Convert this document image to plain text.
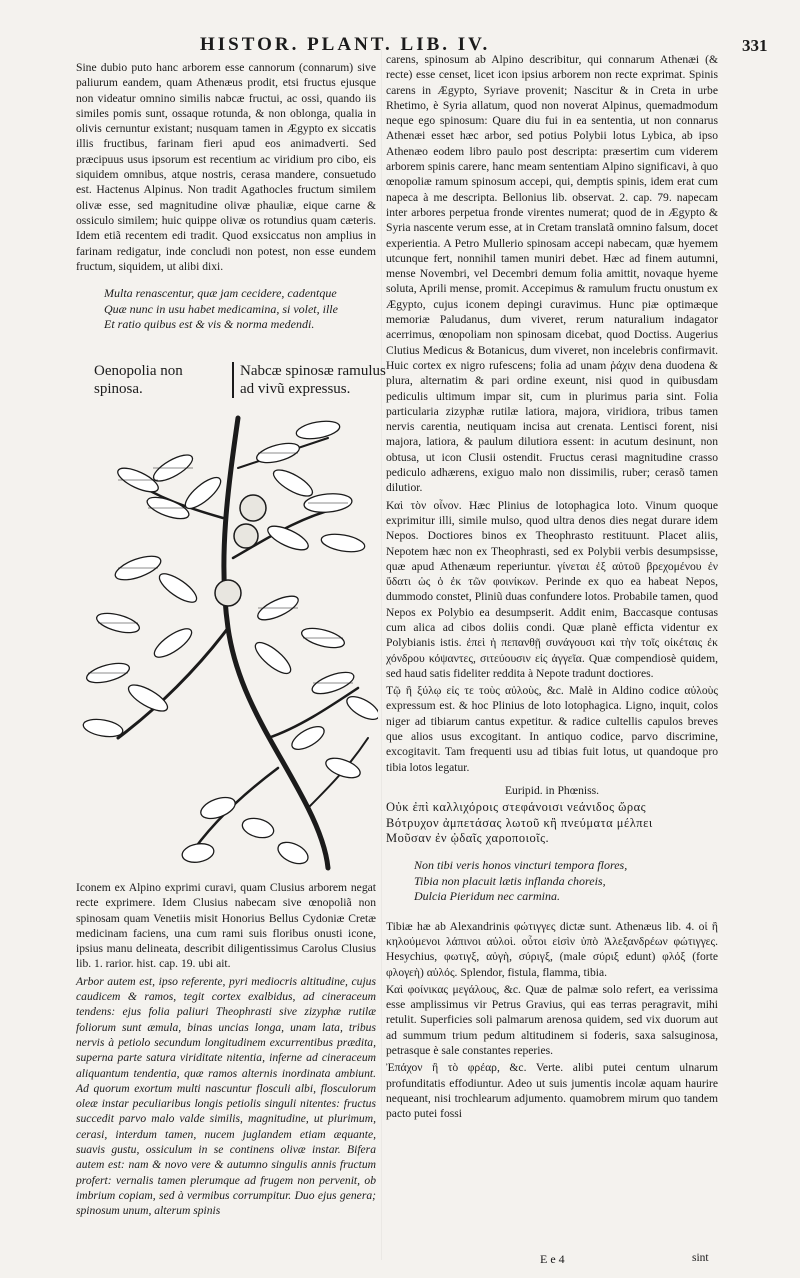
HISTOR. PLANT. LIB. IV.	331

Sine dubio puto hanc arborem esse cannorum (connarum) sive paliurum eandem, quam Athenæus prodit, etsi fructus ejusque non videatur omnino similis nabcæ fructui, ac ossi, quando iis similes pomis sunt, ossaque rotunda, & non oblonga, qualia in olivis cernuntur existant; nusquam tamen in Ægypto ex siccatis illis fructibus, farinam fieri apud eos animadverti. Sed præcipuus usus ipsorum est recentium ac viridium pro cibo, eis siquidem omnibus, atque nostris, cerasa mandere, consuetudo est. Hactenus Alpinus. Non tradit Agathocles fructum similem olivæ esse, sed magnitudine olivæ phauliæ, eique carne & ossiculo similem; huic quippe olivæ os rotundius quam cæteris. Idem etiã recentem edi tradit. Quod exsiccatus non amplius in farinam redigatur, inde concludi non potest, non esse eundem fructum, siquidem, ut alibi dixi.

Multa renascentur, quæ jam cecidere, cadentque
Quæ nunc in usu habet medicamina, si volet, ille
Et ratio quibus est & vis & norma medendi.
Oenopolia non spinosa.
Nabcæ spinosæ ramulus ad vivũ expressus.

Iconem ex Alpino exprimi curavi, quam Clusius arborem negat recte exprimere. Idem Clusius nabecam sive œnopoliã non spinosam quam Venetiis misit Honorius Bellus Cydoniæ Cretæ medicinam faciens, una cum rami suis floribus onusti icone, ipsius manu delineata, describit diligentissimus Carolus Clusius lib. 1. rarior. hist. cap. 19. ubi ait.

Arbor autem est, ipso referente, pyri mediocris altitudine, cujus caudicem & ramos, tegit cortex exalbidus, ad cineraceum tendens: ejus folia paliuri Theophrasti sive zizyphæ rutilæ foliorum sunt æmula, binas uncias longa, unam lata, tribus nervis à petiolo secundum longitudinem excurrentibus prædita, superna parte satura viriditate nitentia, inferne ad cineraceum aliquantum tendentia, quæ ramos alternis inordinata ambiunt. Ad quorum exortum multi nascuntur flosculi albi, flosculorum oleæ instar peculiaribus longis petiolis singuli nitentes: fructus succedit parvo malo valde similis, magnitudine, ut plurimum, cerasi, interdum tamen, nucem juglandem etiam æquante, suavis gustu, ossiculum in se continens olivæ instar. Bifera autem est: nam & novo vere & autumno singulis annis fructum profert: vernalis tamen plerumque ad frugem non pervenit, ob imbrium copiam, sed à vermibus corrumpitur. Duo ejus genera; spinosum unum, alterum spinis

carens, spinosum ab Alpino describitur, qui connarum Athenæi (& recte) esse censet, licet icon ipsius arborem non recte exprimat. Spinis carens in Ægypto, Syriave provenit; Nascitur & in Creta in urbe Rhetimo, è Syria allatum, quod non noverat Alpinus, quemadmodum neque ego spinosum: Quare diu fui in ea sententia, ut non connarus Athenæi esset hæc arbor, sed potius Polybii lotus Lybica, ab ipso Athenæo eodem libro paulo post descripta: præsertim cum viderem arborem spinis carere, hanc meam sententiam Alpino significavi, à quo œnopoliæ ramum spinosum accepi, qui, demptis spinis, idem erat cum napeca à me descripta. Bellonius lib. observat. 2. cap. 79. napecam inter arbores perpetua fronde virentes numerat; quod de in Ægypto & Syria nascente verum esse, at in Cretam translatã omnino falsum, docet experientia. A Petro Mullerio spinosam accepi nabecam, quæ hyemem utcunque fert, nonnihil tamen muniri debet. Hæc ad finem autumni, mense Novembri, vel Decembri demum folia amittit, novaque hyeme soluta, Aprili mense, promit. Accepimus & ramulum fructu onustum ex Ægypto, cujus iconem depingi curavimus. Hunc piæ optimæque memoriæ Paludanus, dum viveret, rerum naturalium indagator acerrimus, œnopoliam non spinosam dicebat, quod Doctiss. Augerius Clutius Medicus & Botanicus, dum viveret, non incelebris confirmavit. Huic cortex ex nigro rufescens; folia ad unam ῥάχιν dena duodena & plura, alternatim & pari ordine exeunt, nisi quod in quibusdam pediculis ultimum impar sit, cum in plurimus paria sint. Folia particularia zizyphæ rutilæ latiora, majora, viridiora, tribus tamen nervis carentia, neutiquam incisa aut crenata. Lentisci forent, nisi majora, latiora, & paulum dilutiora essent: in acutum desinunt, non obtusa, ut icon Clusii ostendit. Fructus cerasi magnitudine crasso pediculo adhærens, exiguo malo non dissimilis, ruber; cerasõ tamen dilutior.

Καὶ τὸν οἶνον. Hæc Plinius de lotophagica loto. Vinum quoque exprimitur illi, simile mulso, quod ultra denos dies negat durare idem Nepos. Doctiores binos ex Theophrasto restituunt. Placet aliis, Nepotem hæc non ex Theophrasti, sed ex Polybii verbis desumpsisse, quæ apud Athenæum reperiuntur. γίνεται ἐξ αὐτοῦ βρεχομένου ἐν ὕδατι ὡς ὁ ἐκ τῶν φοινίκων. Perinde ex quo ea habeat Nepos, dummodo constet, Pliniũ duas confundere lotos. Probabile tamen, quod Nepos ex Polybio ea desumpserit. Addit enim, Baccasque contusas cum alica ad cibos doliis condi. Quæ planè efficta videntur ex Polybianis istis. ἐπεὶ ἡ πεπανθῇ συνάγουσι καὶ τὴν τοῖς οἰκέταις ἐκ χόνδρου κόψαντες, σιτεύουσιν εἰς ἀγγεῖα. Quæ compendiosè quidem, sed haud satis fideliter reddita à Nepote tradunt doctiores.

Τῷ ἢ ξύλῳ εἰς τε τοὺς αὐλοὺς, &c. Malè in Aldino codice αὐλοὺς expressum est. & hoc Plinius de loto lotophagica. Ligno, inquit, colos niger ad tibiarum cantus expetitur. & radice cultellis capulos breves que alios usus excogitant. In antiquo codice, parvo discrimine, excogitavit. Tam frequenti usu ad tibias fuit lotus, ut quandoque pro tibia lotos legatur.

Euripid. in Phœniss.

Οὐκ ἐπὶ καλλιχόροις στεφάνοισι νεάνιδος ὥρας
Βότρυχον ἀμπετάσας λωτοῦ κἢ πνεύματα μέλπει
Μοῦσαν ἐν ᾠδαῖς χαροποιοῖς.
Non tibi veris honos vincturi tempora flores,
Tibia non placuit lætis inflanda choreis,
Dulcia Pieridum nec carmina.

Tibiæ hæ ab Alexandrinis φώτιγγες dictæ sunt. Athenæus lib. 4. οἱ ἢ κηλούμενοι λάπινοι αὐλοὶ. οὗτοι εἰσὶν ὑπὸ Ἀλεξανδρέων φώτιγγες. Hesychius, φωτιγξ, αὐγὴ, σύριγξ, (male σύριξ edunt) φλόξ (forte φλογεὴ) αὐλός. Splendor, fistula, flamma, tibia.

Καὶ φοίνικας μεγάλους, &c. Quæ de palmæ solo refert, ea verissima esse amplissimus vir Petrus Gravius, qui eas terras peragravit, mihi retulit. Superficies soli palmarum arenosa quidem, sed vix duorum aut ad summum trium pedum altitudinem si foderis, saxa salsuginosa, petrasque è sale constantes reperies.

Ἐπάχον ἢ τὸ φρέαρ, &c. Verte. alibi putei centum ulnarum profunditatis effodiuntur. Adeo ut suis jumentis incolæ aquam haurire nequeant, nisi trochlearum adjumento. quamobrem mirum quo tandem pacto putei fossi

E e 4	sint
